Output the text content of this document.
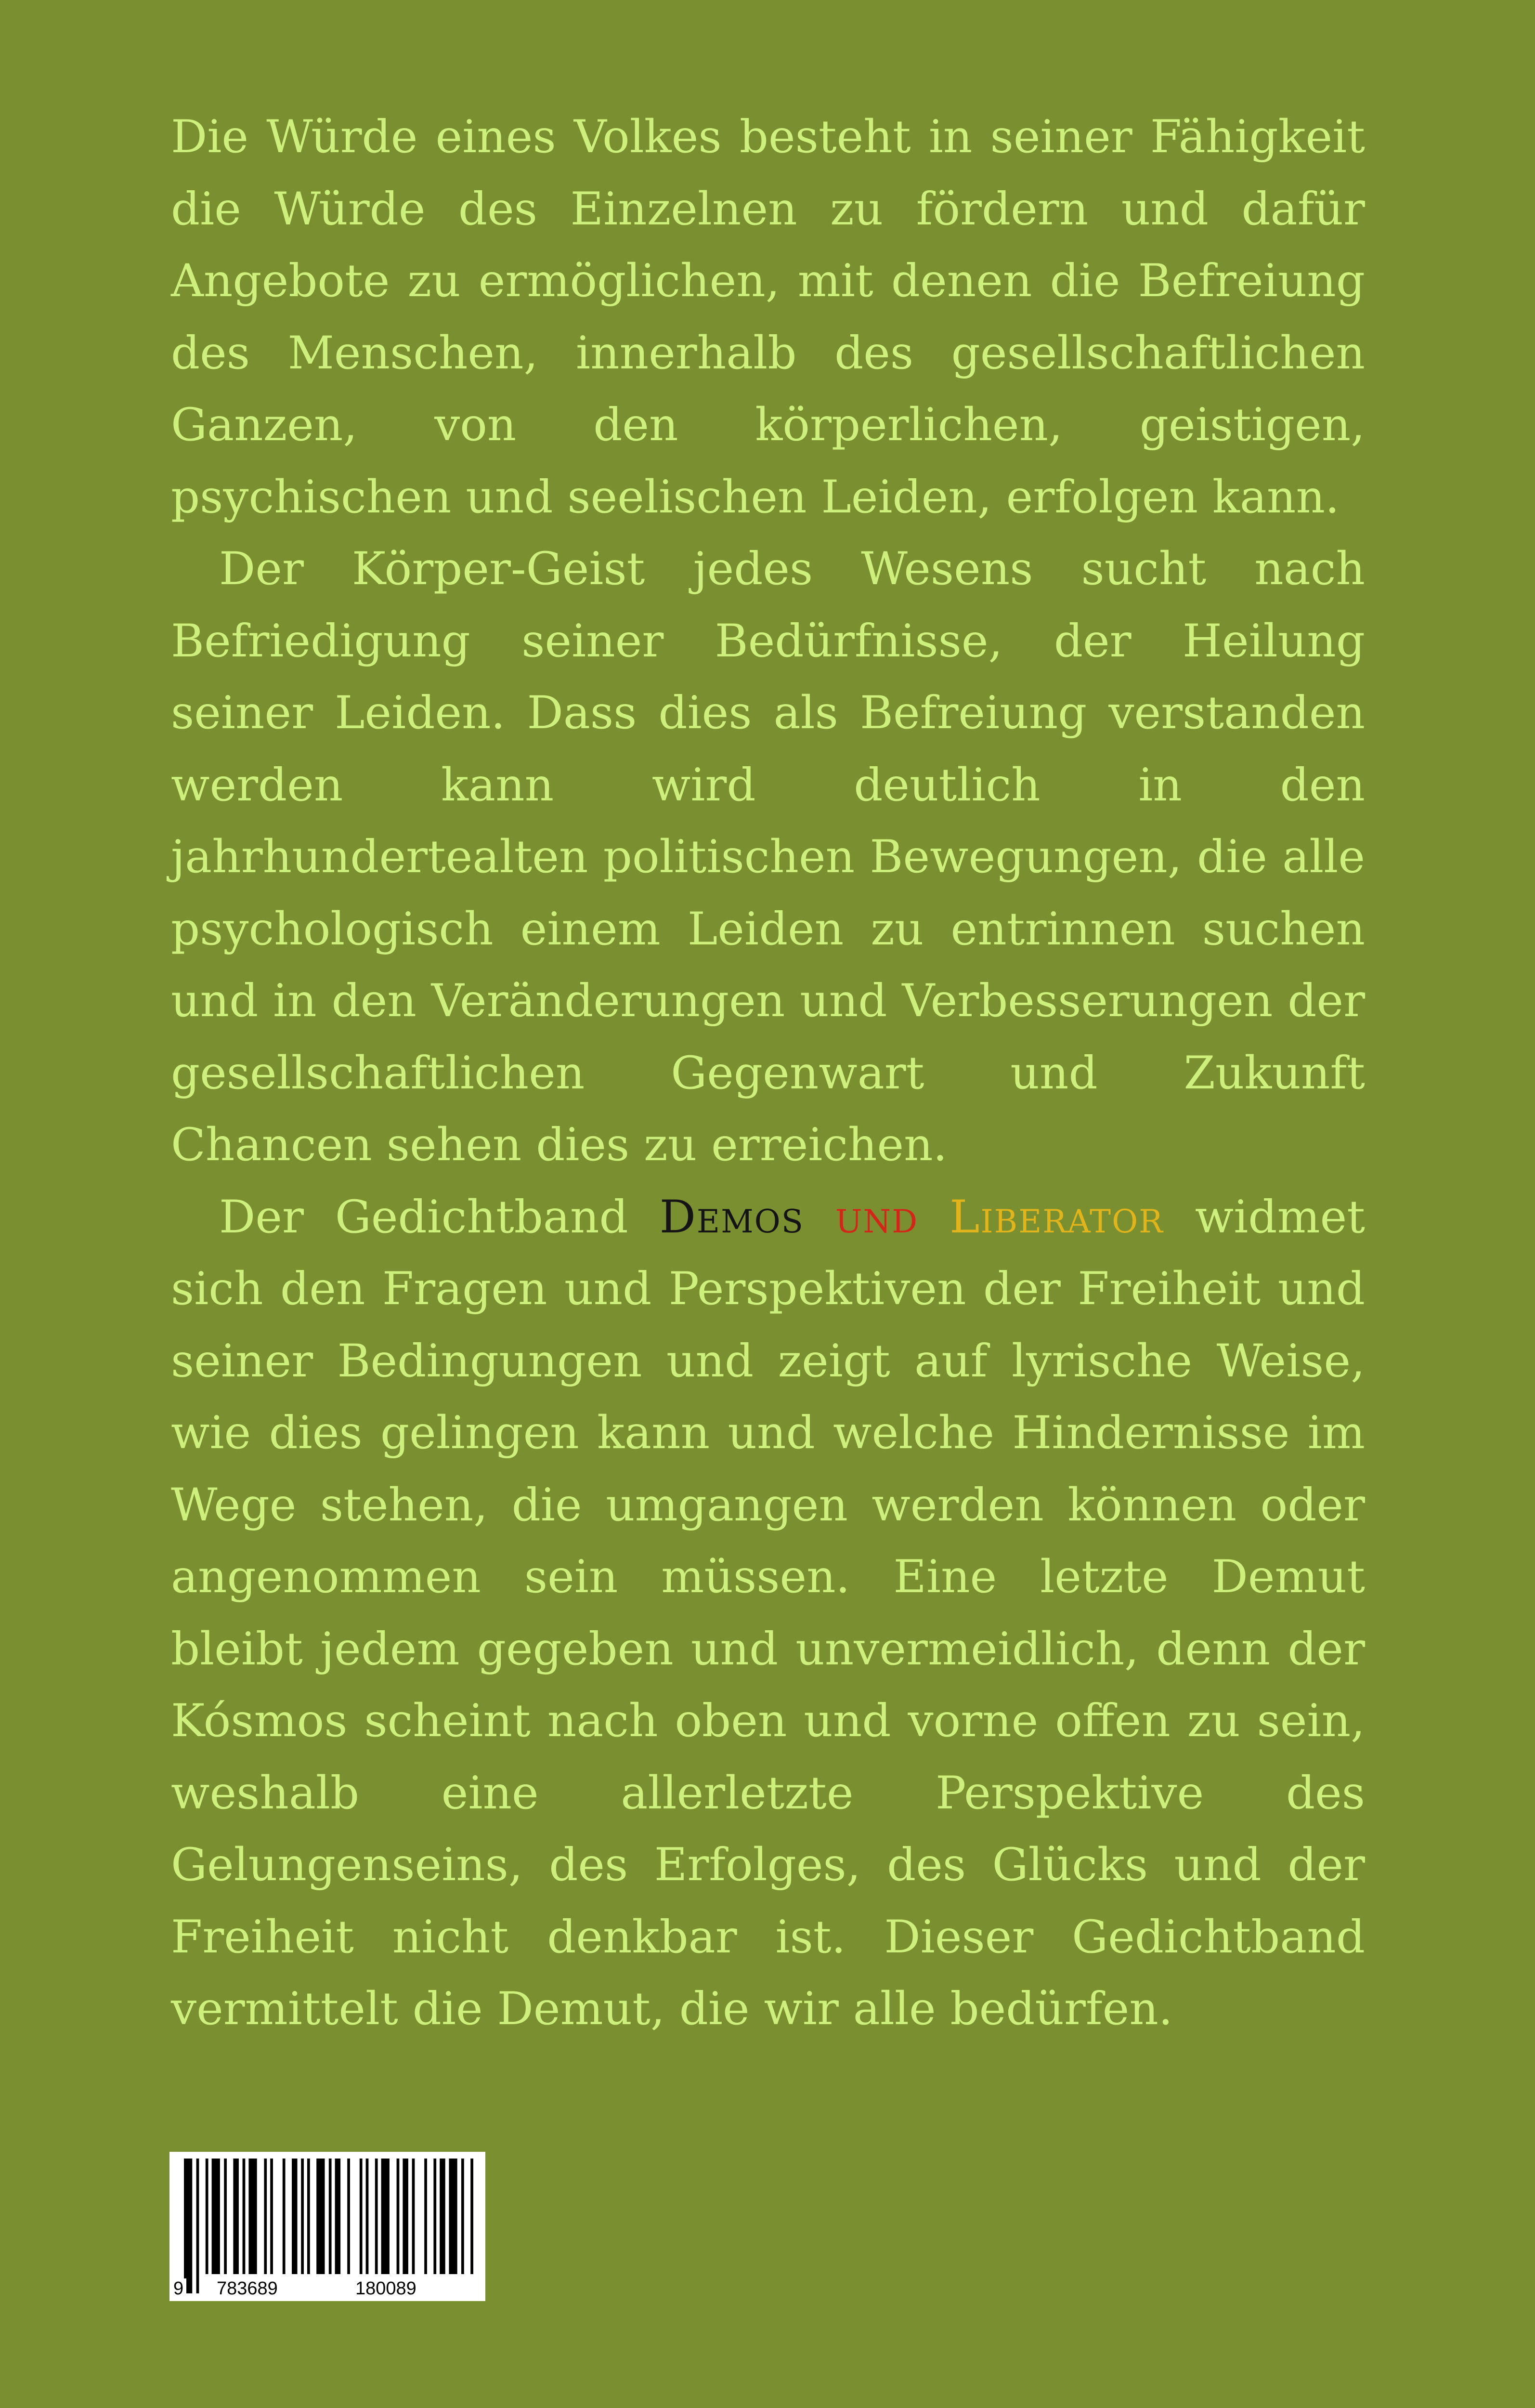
Die Würde eines Volkes besteht in seiner Fähigkeit die Würde des Einzelnen zu fördern und dafür Angebote zu ermöglichen, mit denen die Befreiung des Menschen, innerhalb des gesellschaftlichen Ganzen, von den körperlichen, geistigen, psychischen und seelischen Leiden, erfolgen kann.

Der Körper-Geist jedes Wesens sucht nach Befriedigung seiner Bedürfnisse, der Heilung seiner Leiden. Dass dies als Befreiung verstanden werden kann wird deutlich in den jahrhundertealten politischen Bewegungen, die alle psychologisch einem Leiden zu entrinnen suchen und in den Veränderungen und Verbesserungen der gesellschaftlichen Gegenwart und Zukunft Chancen sehen dies zu erreichen.

Der Gedichtband Demos und Liberator widmet sich den Fragen und Perspektiven der Freiheit und seiner Bedingungen und zeigt auf lyrische Weise, wie dies gelingen kann und welche Hindernisse im Wege stehen, die umgangen werden können oder angenommen sein müssen. Eine letzte Demut bleibt jedem gegeben und unvermeidlich, denn der Kósmos scheint nach oben und vorne offen zu sein, weshalb eine allerletzte Perspektive des Gelungenseins, des Erfolges, des Glücks und der Freiheit nicht denkbar ist. Dieser Gedichtband vermittelt die Demut, die wir alle bedürfen.

9 783689	180089
